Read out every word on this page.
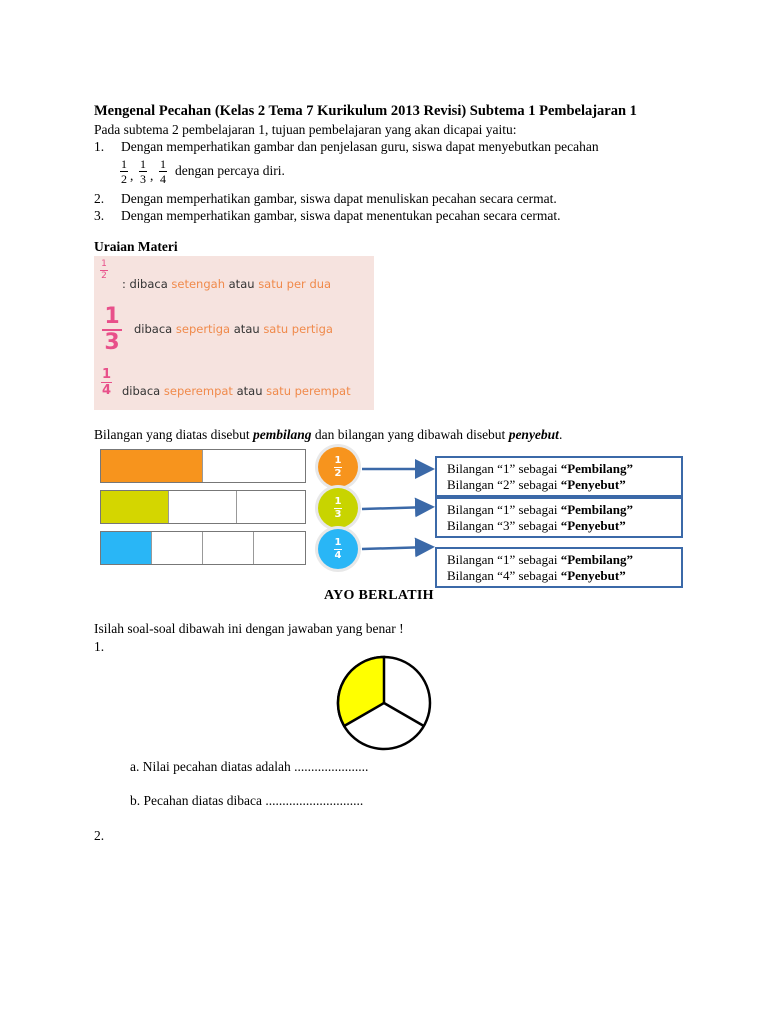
Mengenal Pecahan (Kelas 2 Tema 7 Kurikulum 2013 Revisi) Subtema 1 Pembelajaran 1
Pada subtema 2 pembelajaran 1, tujuan pembelajaran yang akan dicapai yaitu:
1. Dengan memperhatikan gambar dan penjelasan guru, siswa dapat menyebutkan pecahan
1
2 ,
1
3 ,
1
4
dengan percaya diri.
2. Dengan memperhatikan gambar, siswa dapat menuliskan pecahan secara cermat.
3. Dengan memperhatikan gambar, siswa dapat menentukan pecahan secara cermat.
Uraian Materi
1
2
: dibaca setengah atau satu per dua
1
3
dibaca sepertiga atau satu pertiga
1
4 dibaca seperempat atau satu perempat
Bilangan yang diatas disebut pembilang dan bilangan yang dibawah disebut penyebut.
1
2
1
3
1
4
Bilangan “1” sebagai “Pembilang”
Bilangan “2” sebagai “Penyebut”
Bilangan “1” sebagai “Pembilang”
Bilangan “3” sebagai “Penyebut”
Bilangan “1” sebagai “Pembilang”
Bilangan “4” sebagai “Penyebut”
AYO BERLATIH
Isilah soal-soal dibawah ini dengan jawaban yang benar !
1.
a. Nilai pecahan diatas adalah ......................
b. Pecahan diatas dibaca .............................
2.
